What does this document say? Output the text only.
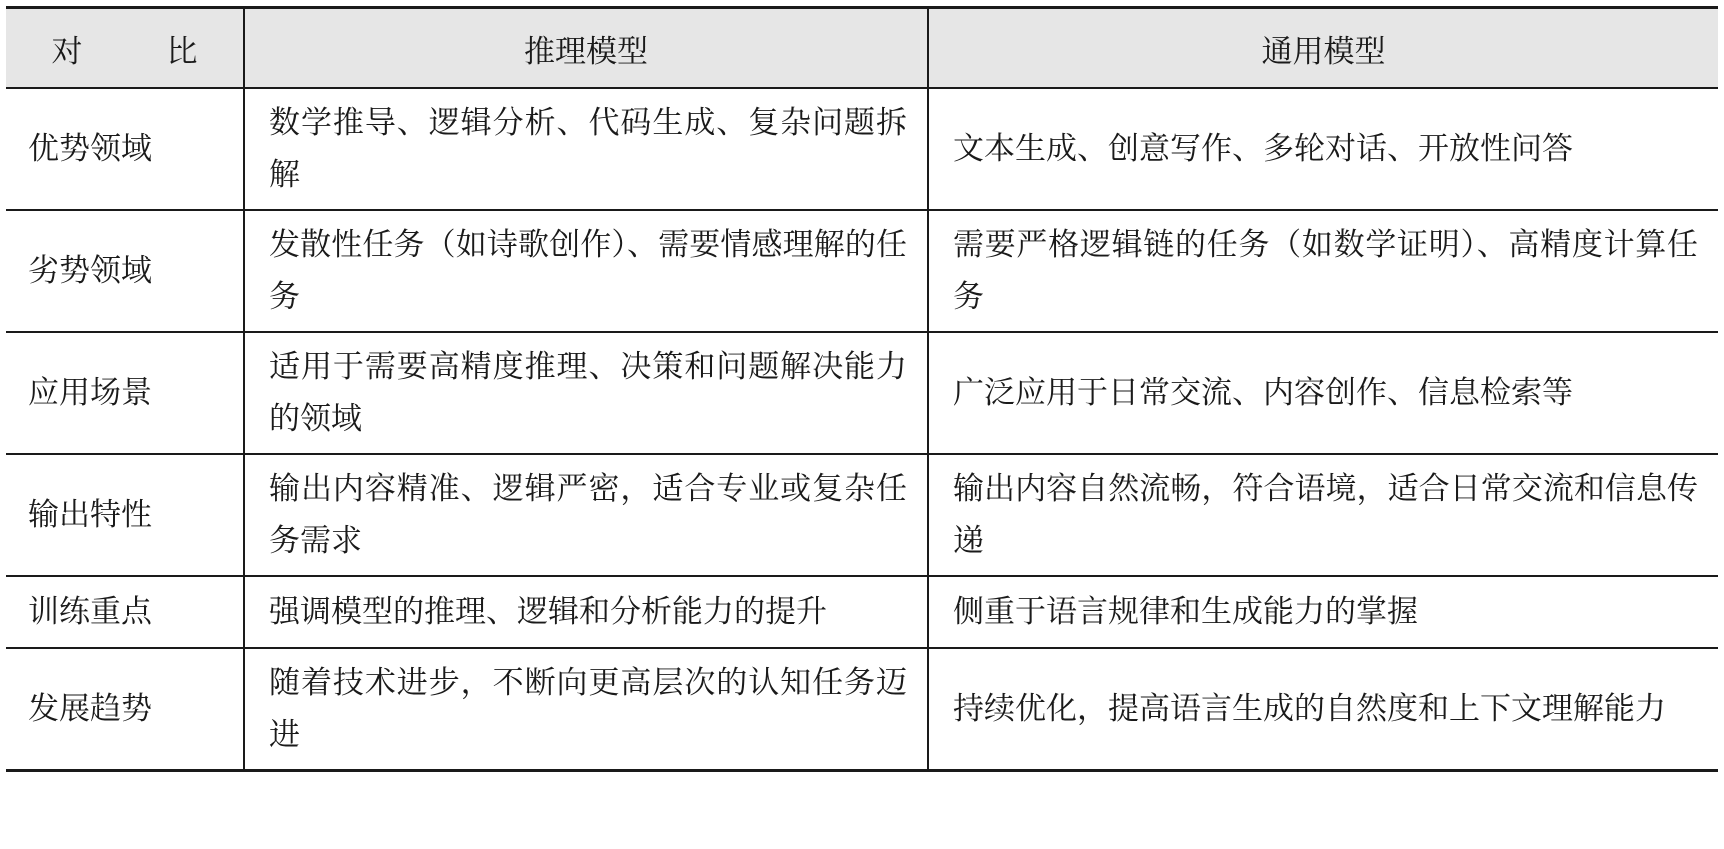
对 比	推理模型	通用模型
优势领域	数学推导、逻辑分析、代码生成、复杂问题拆解	文本生成、创意写作、多轮对话、开放性问答
劣势领域	发散性任务（如诗歌创作）、需要情感理解的任务	需要严格逻辑链的任务（如数学证明）、高精度计算任务
应用场景	适用于需要高精度推理、决策和问题解决能力的领域	广泛应用于日常交流、内容创作、信息检索等
输出特性	输出内容精准、逻辑严密，适合专业或复杂任务需求	输出内容自然流畅，符合语境，适合日常交流和信息传递
训练重点	强调模型的推理、逻辑和分析能力的提升	侧重于语言规律和生成能力的掌握
发展趋势	随着技术进步，不断向更高层次的认知任务迈进	持续优化，提高语言生成的自然度和上下文理解能力
